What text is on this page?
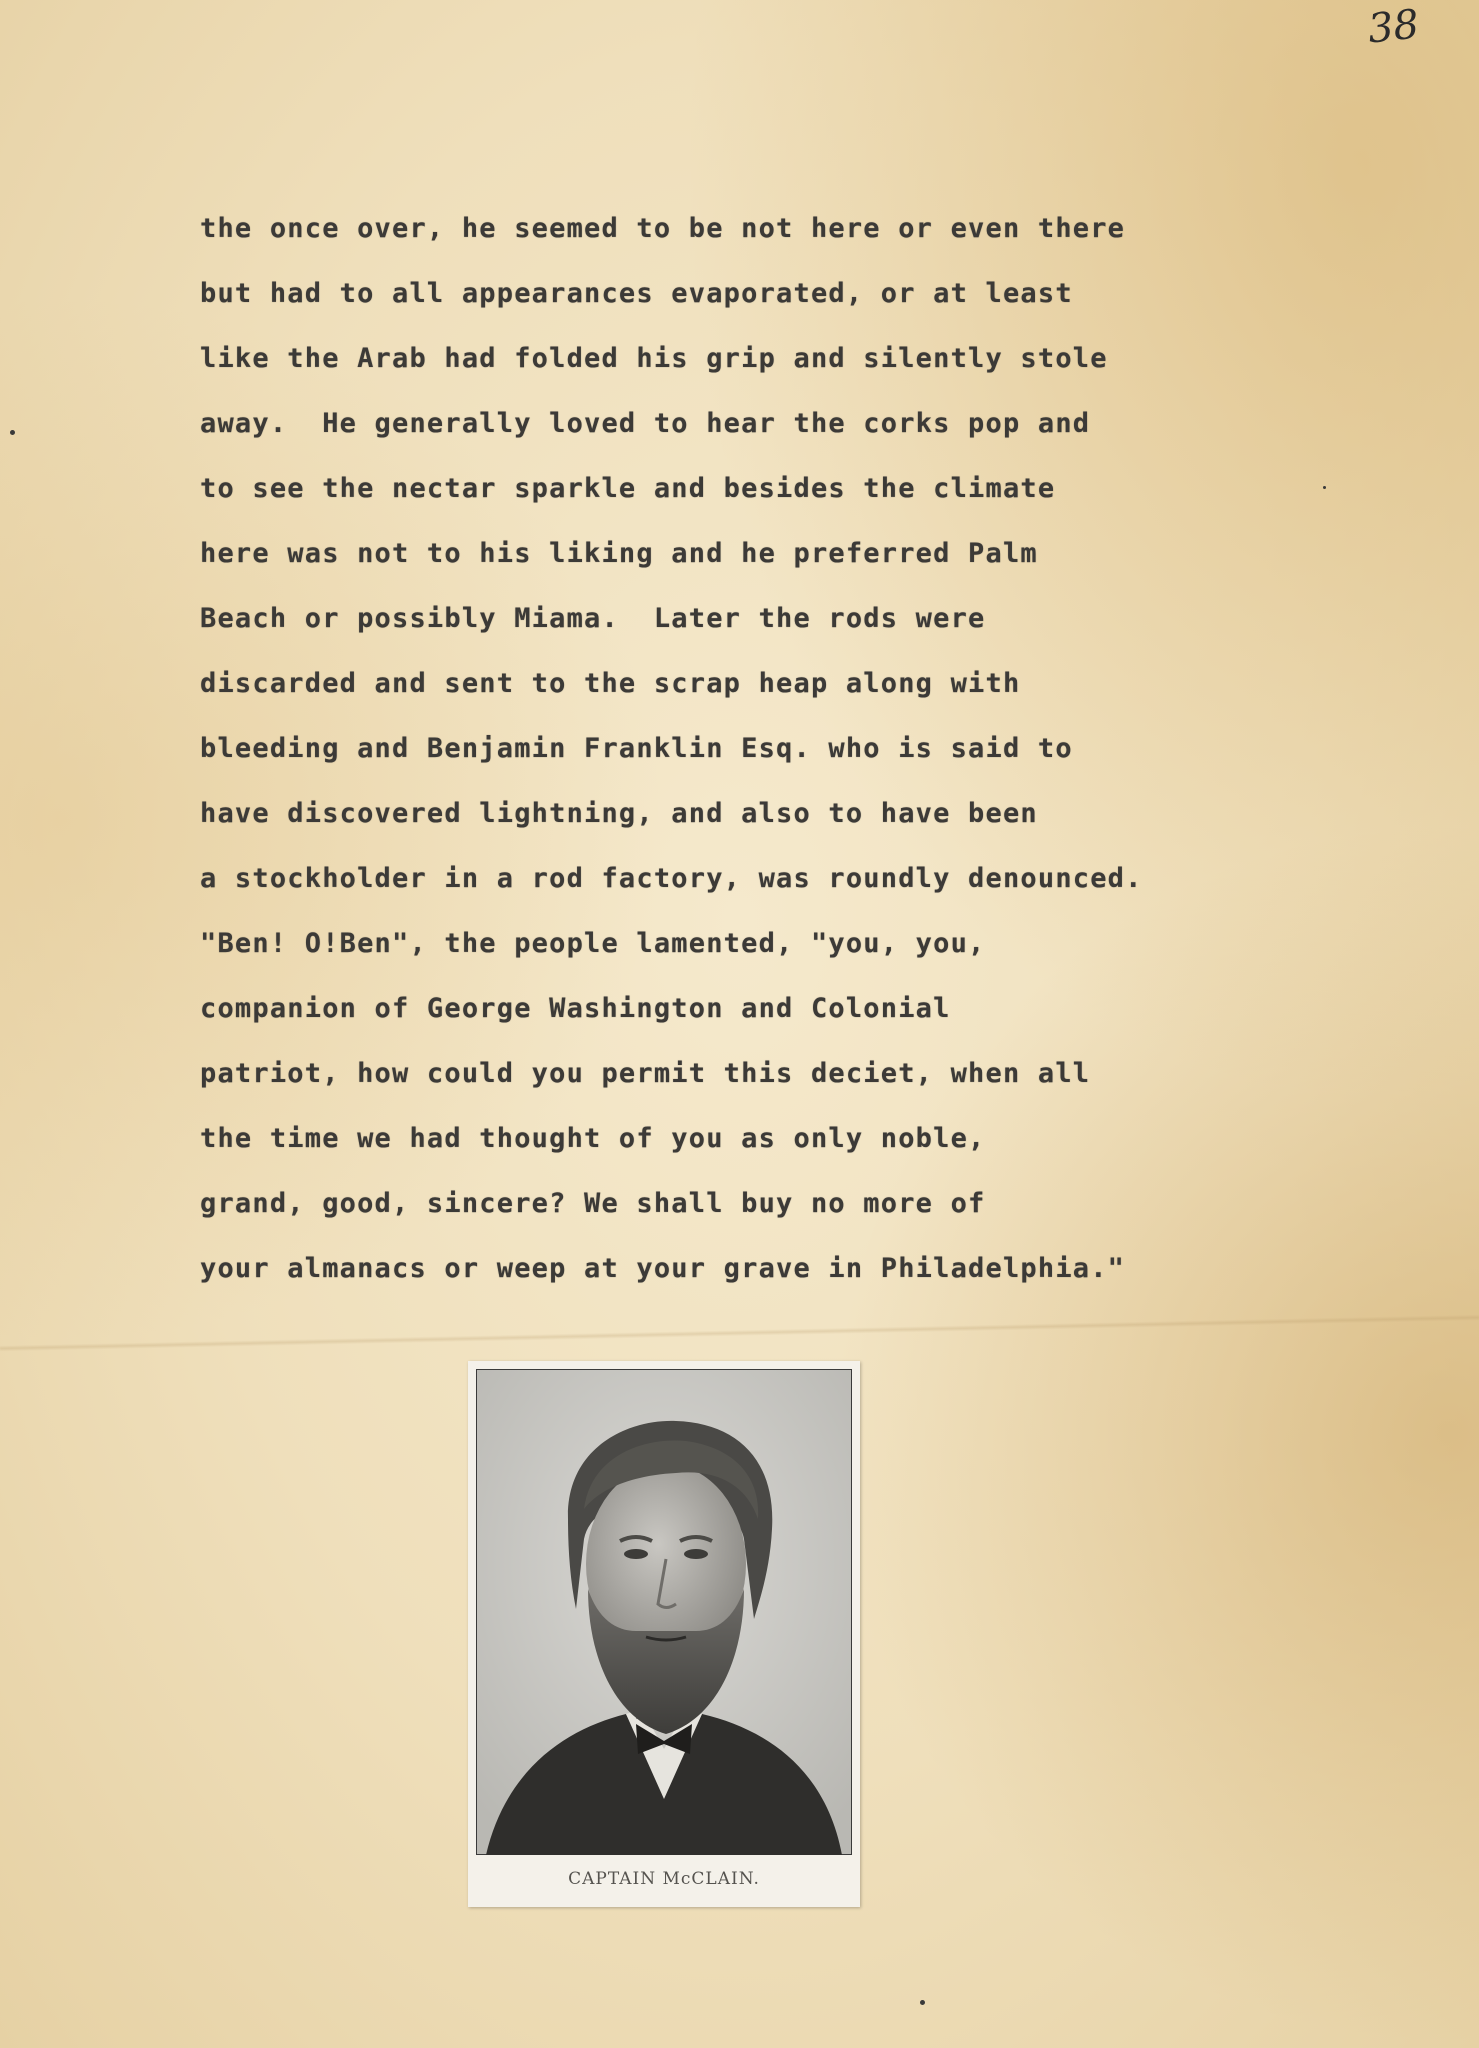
38
the once over, he seemed to be not here or even there
but had to all appearances evaporated, or at least
like the Arab had folded his grip and silently stole
away.  He generally loved to hear the corks pop and
to see the nectar sparkle and besides the climate
here was not to his liking and he preferred Palm
Beach or possibly Miama.  Later the rods were
discarded and sent to the scrap heap along with
bleeding and Benjamin Franklin Esq. who is said to
have discovered lightning, and also to have been
a stockholder in a rod factory, was roundly denounced.
"Ben! O!Ben", the people lamented, "you, you,
companion of George Washington and Colonial
patriot, how could you permit this deciet, when all
the time we had thought of you as only noble,
grand, good, sincere? We shall buy no more of
your almanacs or weep at your grave in Philadelphia."
CAPTAIN McCLAIN.
